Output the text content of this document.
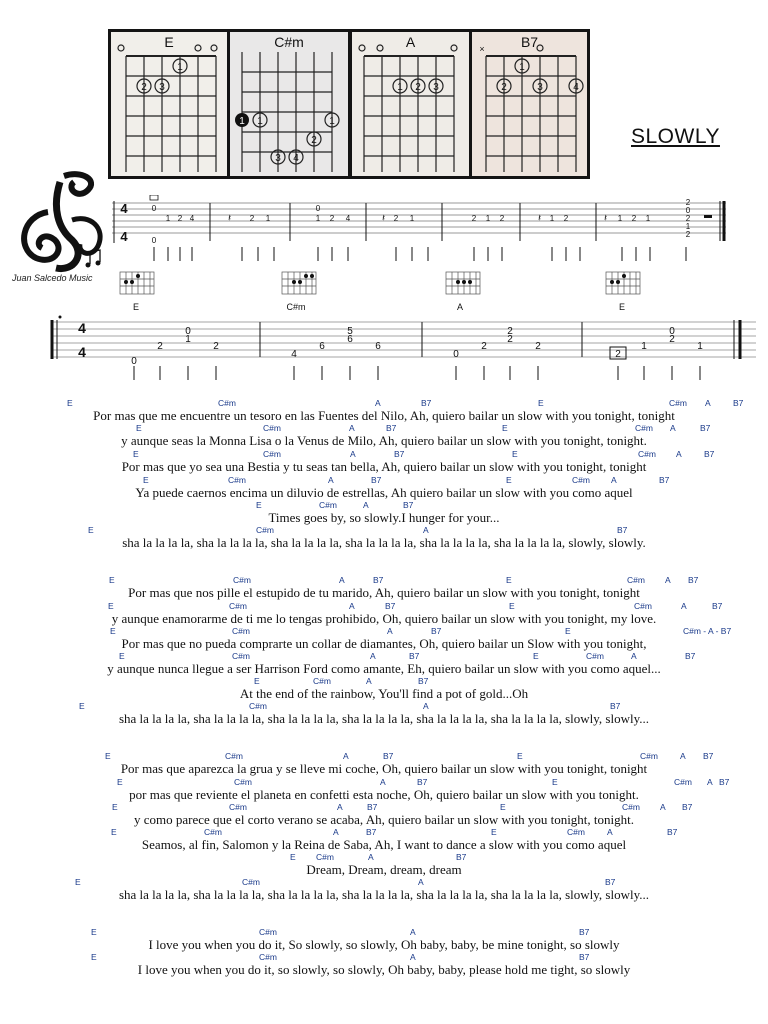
1
2 3
E
1 1	1
2
3 4
C#m
1 2 3
A	×
1
2	3	4
B7
SLOWLY
Juan Salcedo Music
4
4
0
0
1 2 4	2 1
0
1 2 4	2 1	2 1 2	1 2	1 2 1
2
0
2
1
2
𝄽	𝄽	𝄽	𝄽
E	C#m	A	E
4
4
0
2
0
1
2
4
6
5
6
6
0
2
2
2
2
2
1
0
2
1
E	C#m	A	B7	E	C#m A	B7
Por mas que me encuentre un tesoro en las Fuentes del Nilo, Ah, quiero bailar un slow with you tonight, tonight
E	C#m	A	B7	E	C#m A	B7
y aunque seas la Monna Lisa o la Venus de Milo, Ah, quiero bailar un slow with you tonight, tonight.
E	C#m	A	B7	E	C#m A	B7
Por mas que yo sea una Bestia y tu seas tan bella, Ah, quiero bailar un slow with you tonight, tonight
E	C#m	A	B7	E	C#m A	B7
Ya puede caernos encima un diluvio de estrellas, Ah quiero bailar un slow with you como aquel
E	C#m	A	B7
Times goes by, so slowly.I hunger for your...
E	C#m	A	B7
sha la la la la, sha la la la la, sha la la la la, sha la la la la, sha la la la la, sha la la la la, slowly, slowly.
E	C#m	A	B7	E	C#m A B7
Por mas que nos pille el estupido de tu marido, Ah, quiero bailar un slow with you tonight, tonight
E	C#m	A	B7	E	C#m	A	B7
y aunque enamorarme de ti me lo tengas prohibido, Oh, quiero bailar un slow with you tonight, my love.
E	C#m	A	B7	E	C#m - A - B7
Por mas que no pueda comprarte un collar de diamantes, Oh, quiero bailar un Slow with you tonight,
E	C#m	A	B7	E	C#m	A	B7
y aunque nunca llegue a ser Harrison Ford como amante, Eh, quiero bailar un slow with you como aquel...
E	C#m	A	B7
At the end of the rainbow, You'll find a pot of gold...Oh
E	C#m	A	B7
sha la la la la, sha la la la la, sha la la la la, sha la la la la, sha la la la la, sha la la la la, slowly, slowly...
E	C#m	A	B7	E	C#m	A B7
Por mas que aparezca la grua y se lleve mi coche, Oh, quiero bailar un slow with you tonight, tonight
E	C#m	A	B7	E	C#m A B7
por mas que reviente el planeta en confetti esta noche, Oh, quiero bailar un slow with you tonight.
E	C#m	A	B7	E	C#m A B7
y como parece que el corto verano se acaba, Ah, quiero bailar un slow with you tonight, tonight.
E	C#m	A	B7	E	C#m	A	B7
Seamos, al fin, Salomon y la Reina de Saba, Ah, I want to dance a slow with you como aquel
E C#m	A	B7
Dream, Dream, dream, dream
E	C#m	A	B7
sha la la la la, sha la la la la, sha la la la la, sha la la la la, sha la la la la, sha la la la la, slowly, slowly...
E	C#m	A	B7
I love you when you do it, So slowly, so slowly, Oh baby, baby, be mine tonight, so slowly
E	C#m	A	B7
I love you when you do it, so slowly, so slowly, Oh baby, baby, please hold me tight, so slowly
